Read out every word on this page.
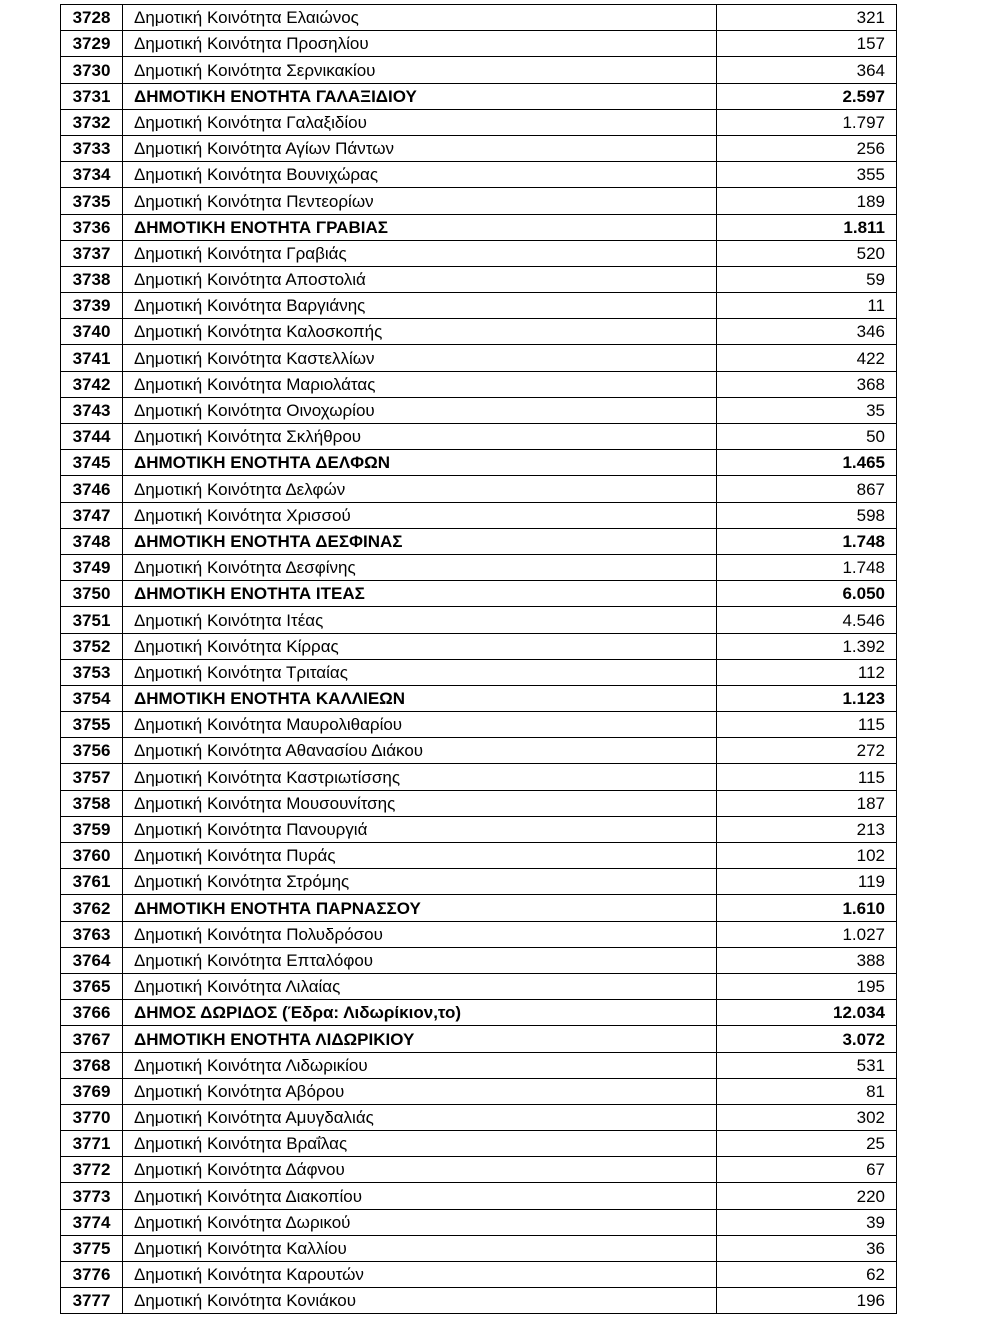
3728	Δημοτική Κοινότητα Ελαιώνος	321
3729	Δημοτική Κοινότητα Προσηλίου	157
3730	Δημοτική Κοινότητα Σερνικακίου	364
3731	ΔΗΜΟΤΙΚΗ ΕΝΟΤΗΤΑ ΓΑΛΑΞΙΔΙΟΥ	2.597
3732	Δημοτική Κοινότητα Γαλαξιδίου	1.797
3733	Δημοτική Κοινότητα Αγίων Πάντων	256
3734	Δημοτική Κοινότητα Βουνιχώρας	355
3735	Δημοτική Κοινότητα Πεντεορίων	189
3736	ΔΗΜΟΤΙΚΗ ΕΝΟΤΗΤΑ ΓΡΑΒΙΑΣ	1.811
3737	Δημοτική Κοινότητα Γραβιάς	520
3738	Δημοτική Κοινότητα Αποστολιά	59
3739	Δημοτική Κοινότητα Βαργιάνης	11
3740	Δημοτική Κοινότητα Καλοσκοπής	346
3741	Δημοτική Κοινότητα Καστελλίων	422
3742	Δημοτική Κοινότητα Μαριολάτας	368
3743	Δημοτική Κοινότητα Οινοχωρίου	35
3744	Δημοτική Κοινότητα Σκλήθρου	50
3745	ΔΗΜΟΤΙΚΗ ΕΝΟΤΗΤΑ ΔΕΛΦΩΝ	1.465
3746	Δημοτική Κοινότητα Δελφών	867
3747	Δημοτική Κοινότητα Χρισσού	598
3748	ΔΗΜΟΤΙΚΗ ΕΝΟΤΗΤΑ ΔΕΣΦΙΝΑΣ	1.748
3749	Δημοτική Κοινότητα Δεσφίνης	1.748
3750	ΔΗΜΟΤΙΚΗ ΕΝΟΤΗΤΑ ΙΤΕΑΣ	6.050
3751	Δημοτική Κοινότητα Ιτέας	4.546
3752	Δημοτική Κοινότητα Κίρρας	1.392
3753	Δημοτική Κοινότητα Τριταίας	112
3754	ΔΗΜΟΤΙΚΗ ΕΝΟΤΗΤΑ ΚΑΛΛΙΕΩΝ	1.123
3755	Δημοτική Κοινότητα Μαυρολιθαρίου	115
3756	Δημοτική Κοινότητα Αθανασίου Διάκου	272
3757	Δημοτική Κοινότητα Καστριωτίσσης	115
3758	Δημοτική Κοινότητα Μουσουνίτσης	187
3759	Δημοτική Κοινότητα Πανουργιά	213
3760	Δημοτική Κοινότητα Πυράς	102
3761	Δημοτική Κοινότητα Στρόμης	119
3762	ΔΗΜΟΤΙΚΗ ΕΝΟΤΗΤΑ ΠΑΡΝΑΣΣΟΥ	1.610
3763	Δημοτική Κοινότητα Πολυδρόσου	1.027
3764	Δημοτική Κοινότητα Επταλόφου	388
3765	Δημοτική Κοινότητα Λιλαίας	195
3766	ΔΗΜΟΣ ΔΩΡΙΔΟΣ (Έδρα: Λιδωρίκιον,το)	12.034
3767	ΔΗΜΟΤΙΚΗ ΕΝΟΤΗΤΑ ΛΙΔΩΡΙΚΙΟΥ	3.072
3768	Δημοτική Κοινότητα Λιδωρικίου	531
3769	Δημοτική Κοινότητα Αβόρου	81
3770	Δημοτική Κοινότητα Αμυγδαλιάς	302
3771	Δημοτική Κοινότητα Βραΐλας	25
3772	Δημοτική Κοινότητα Δάφνου	67
3773	Δημοτική Κοινότητα Διακοπίου	220
3774	Δημοτική Κοινότητα Δωρικού	39
3775	Δημοτική Κοινότητα Καλλίου	36
3776	Δημοτική Κοινότητα Καρουτών	62
3777	Δημοτική Κοινότητα Κονιάκου	196
